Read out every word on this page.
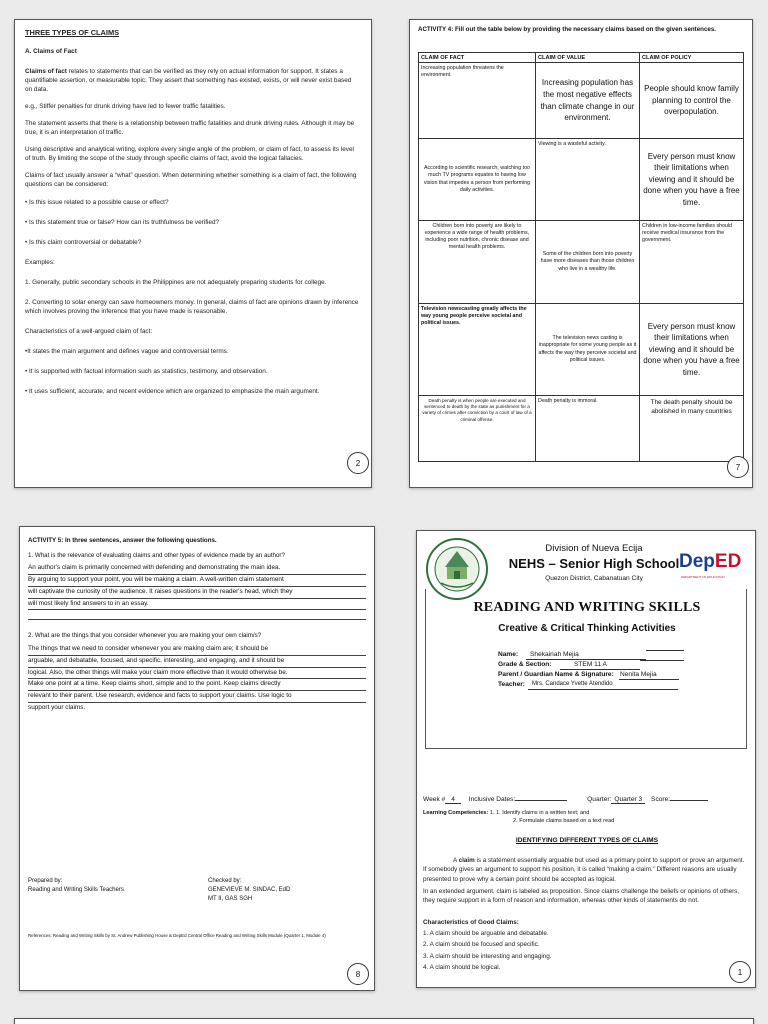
THREE TYPES OF CLAIMS
A. Claims of Fact

Claims of fact relates to statements that can be verified as they rely on actual information for support. It states a quantifiable assertion, or measurable topic. They assert that something has existed, exists, or will never exist based on data.

e.g., Stiffer penalties for drunk driving have led to fewer traffic fatalities.

The statement asserts that there is a relationship between traffic fatalities and drunk driving rules. Although it may be true, it is an interpretation of traffic.

Using descriptive and analytical writing, explore every single angle of the problem, or claim of fact, to assess its level of truth. By limiting the scope of the study through specific claims of fact, avoid the logical fallacies.

Claims of fact usually answer a “what” question. When determining whether something is a claim of fact, the following questions can be considered:

• Is this issue related to a possible cause or effect?
• Is this statement true or false? How can its truthfulness be verified?
• Is this claim controversial or debatable?
Examples:
1. Generally, public secondary schools in the Philippines are not adequately preparing students for college.
2. Converting to solar energy can save homeowners money. In general, claims of fact are opinions drawn by inference which involves proving the inference that you have made is reasonable.
Characteristics of a well-argued claim of fact:
•It states the main argument and defines vague and controversial terms.
• It is supported with factual information such as statistics, testimony, and observation.
• It uses sufficient, accurate, and recent evidence which are organized to emphasize the main argument.
2
ACTIVITY 4: Fill out the table below by providing the necessary claims based on the given sentences.
CLAIM OF FACT	CLAIM OF VALUE	CLAIM OF POLICY
Increasing population threatens the environment.	Increasing population has the most negative effects than climate change in our environment.	People should know family planning to control the overpopulation.
According to scientific research, watching too much TV programs equates to having low vision that impedes a person from performing daily activities.	Viewing is a wasteful activity.	Every person must know their limitations when viewing and it should be done when you have a free time.
Children born into poverty are likely to experience a wide range of health problems, including poor nutrition, chronic disease and mental health problems.	Some of the children born into poverty have more diseases than those children who live in a wealthy life.	Children in low-income families should receive medical insurance from the government.
Television newscasting greatly affects the way young people perceive societal and political issues.	The television news casting is inappropriate for some young people as it affects the way they perceive societal and political issues.	Every person must know their limitations when viewing and it should be done when you have a free time.
Death penalty is when people are executed and sentenced to death by the state as punishment for a variety of crimes after conviction by a court of law of a criminal offense.	Death penalty is immoral.	The death penalty should be abolished in many countries
7
ACTIVITY 5: In three sentences, answer the following questions.
1. What is the relevance of evaluating claims and other types of evidence made by an author?
An author's claim is primarily concerned with defending and demonstrating the main idea.
By arguing to support your point, you will be making a claim. A well-written claim statement
will captivate the curiosity of the audience. It raises questions in the reader's head, which they
will most likely find answers to in an essay.
2. What are the things that you consider whenever you are making your own claim/s?
The things that we need to consider whenever you are making claim are; it should be
arguable, and debatable, focused, and specific, interesting, and engaging, and it should be
logical. Also, the other things will make your claim more effective than it would otherwise be.
Make one point at a time. Keep claims short, simple and to the point. Keep claims directly
relevant to their parent. Use research, evidence and facts to support your claims. Use logic to
support your claims.
Prepared by:
Reading and Writing Skills Teachers
Checked by:
GENEVIEVE M. SINDAC, EdD
MT II, GAS SGH
References: Reading and Writing Skills by St. Andrew Publishing House & DepEd Central Office Reading and Writing Skills Module (Quarter 1, Module 4)
8
Division of Nueva Ecija
NEHS – Senior High School
Quezon District, Cabanatuan City
DepED
DEPARTMENT OF EDUCATION
READING AND WRITING SKILLS
Creative & Critical Thinking Activities
Name:	Shekainah Mejia
Grade & Section:	STEM 11 A
Parent / Guardian Name & Signature: Nenita Mejia
Teacher:	Mrs. Candace Yvette Atendido
Week # 4 Inclusive Dates:	Quarter: Quarter 3 Score:
Learning Competencies: 1. 1. Identify claims in a written text; and
2. Formulate claims based on a text read
IDENTIFYING DIFFERENT TYPES OF CLAIMS

A claim is a statement essentially arguable but used as a primary point to support or prove an argument. If somebody gives an argument to support his position, it is called “making a claim.” Different reasons are usually presented to prove why a certain point should be accepted as logical.

In an extended argument, claim is labeled as proposition. Since claims challenge the beliefs or opinions of others, they require support in a form of reason and information, whereas other kinds of statements do not.

Characteristics of Good Claims:
1. A claim should be arguable and debatable.
2. A claim should be focused and specific.
3. A claim should be interesting and engaging.
4. A claim should be logical.
1
